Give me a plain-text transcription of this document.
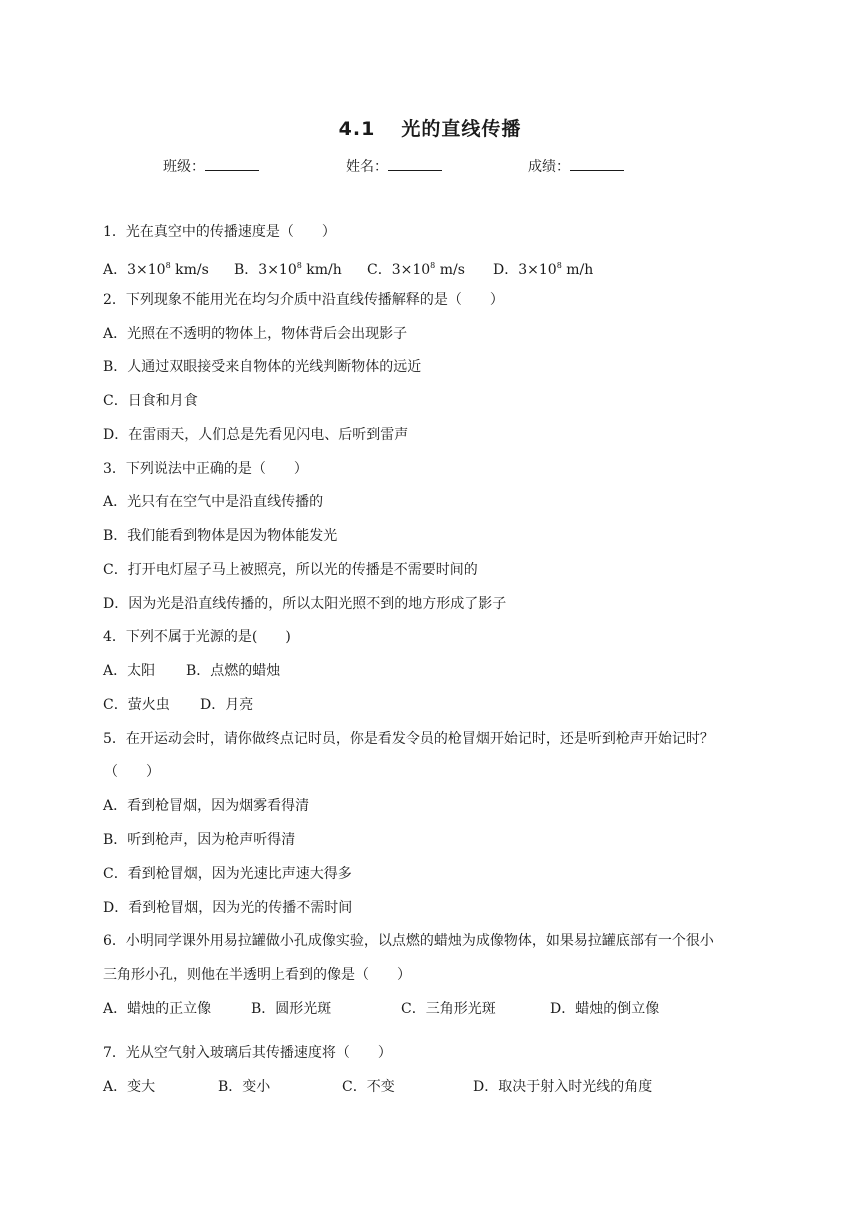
4.1 光的直线传播
班级：	姓名：	成绩：
1．光在真空中的传播速度是（　　）
A．$3\times 10^8$ km/s B．$3\times 10^8$ km/h C．$3\times 10^8$ m/s D．$3\times 10^8$ m/h
2．下列现象不能用光在均匀介质中沿直线传播解释的是（　　）
A．光照在不透明的物体上，物体背后会出现影子
B．人通过双眼接受来自物体的光线判断物体的远近
C．日食和月食
D．在雷雨天，人们总是先看见闪电、后听到雷声
3．下列说法中正确的是（　　）
A．光只有在空气中是沿直线传播的
B．我们能看到物体是因为物体能发光
C．打开电灯屋子马上被照亮，所以光的传播是不需要时间的
D．因为光是沿直线传播的，所以太阳光照不到的地方形成了影子
4．下列不属于光源的是(　　)
A．太阳 B．点燃的蜡烛
C．萤火虫 D．月亮
5．在开运动会时，请你做终点记时员，你是看发令员的枪冒烟开始记时，还是听到枪声开始记时？
（　　）
A．看到枪冒烟，因为烟雾看得清
B．听到枪声，因为枪声听得清
C．看到枪冒烟，因为光速比声速大得多
D．看到枪冒烟，因为光的传播不需时间
6．小明同学课外用易拉罐做小孔成像实验，以点燃的蜡烛为成像物体，如果易拉罐底部有一个很小
三角形小孔，则他在半透明上看到的像是（　　）
A．蜡烛的正立像	B．圆形光斑	C．三角形光斑	D．蜡烛的倒立像
7．光从空气射入玻璃后其传播速度将（　　）
A．变大	B．变小	C．不变	D．取决于射入时光线的角度
